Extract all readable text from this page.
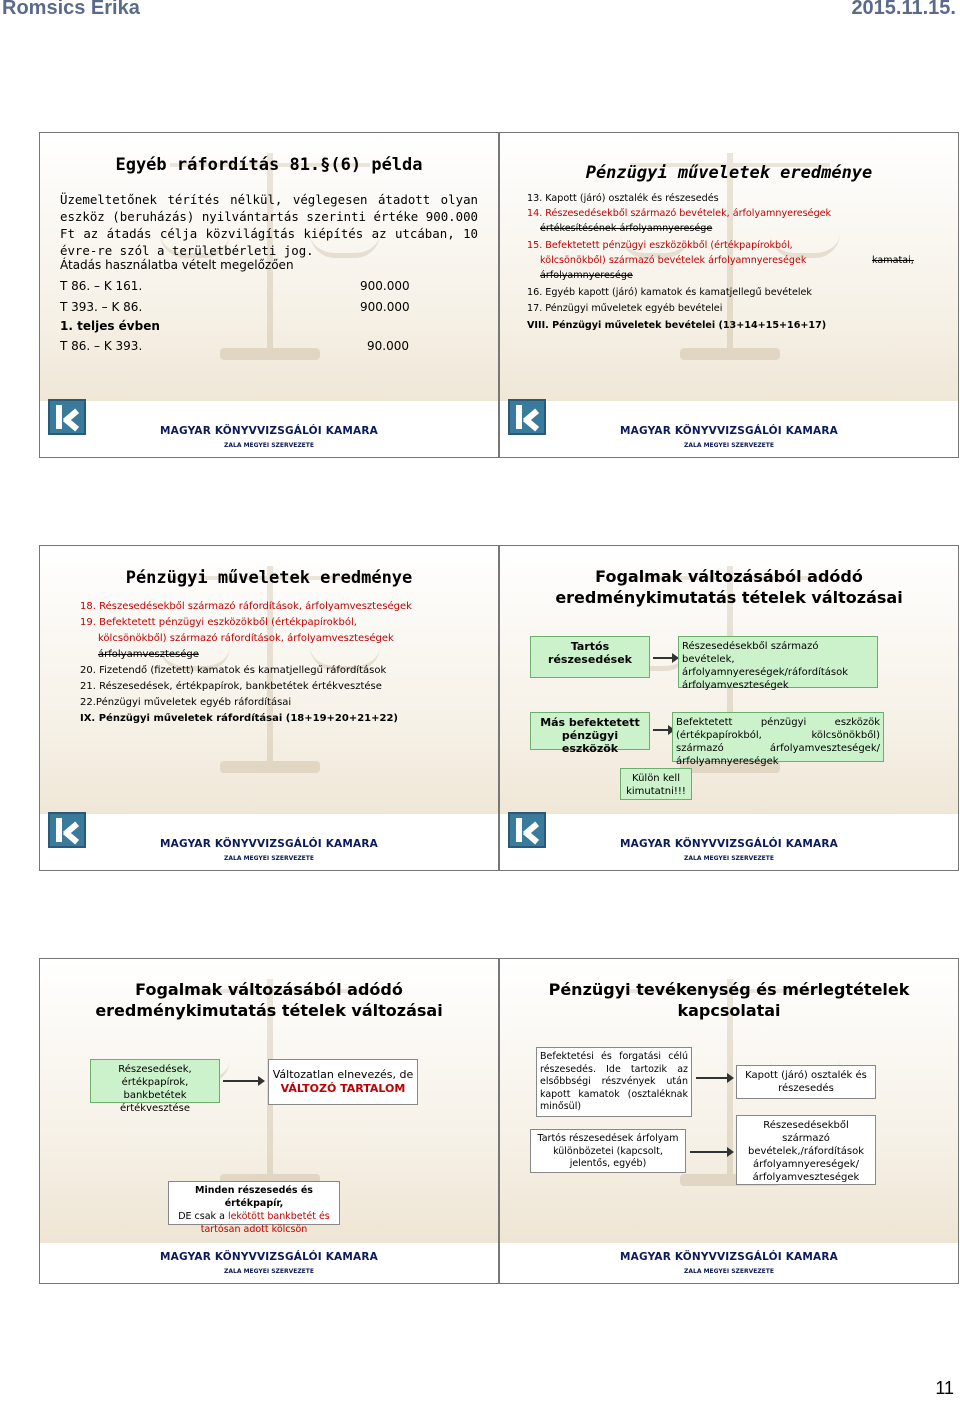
Romsics Erika	2015.11.15.
Egyéb ráfordítás 81.§(6) példa
Üzemeltetőnek térítés nélkül, véglegesen átadott olyan eszköz (beruházás) nyilvántartás szerinti értéke 900.000 Ft az átadás célja közvilágítás kiépítés az utcában, 10 évre-re szól a területbérleti jog.
Átadás használatba vételt megelőzően
T 86. – K 161.	900.000
T 393. – K 86.	900.000
1. teljes évben
T 86. – K 393.	90.000
MAGYAR KÖNYVVIZSGÁLÓI KAMARA
ZALA MEGYEI SZERVEZETE
Pénzügyi műveletek eredménye
13. Kapott (járó) osztalék és részesedés
14. Részesedésekből származó bevételek, árfolyamnyereségek
értékesítésének árfolyamnyeresége
15. Befektetett pénzügyi eszközökből (értékpapírokból,
kölcsönökből) származó bevételek árfolyamnyereségek	kamatai,
árfolyamnyeresége
16. Egyéb kapott (járó) kamatok és kamatjellegű bevételek
17. Pénzügyi műveletek egyéb bevételei
VIII. Pénzügyi műveletek bevételei (13+14+15+16+17)
MAGYAR KÖNYVVIZSGÁLÓI KAMARA
ZALA MEGYEI SZERVEZETE
Pénzügyi műveletek eredménye
18. Részesedésekből származó ráfordítások, árfolyamveszteségek
19. Befektetett pénzügyi eszközökből (értékpapírokból,
kölcsönökből) származó ráfordítások, árfolyamveszteségek
árfolyamvesztesége
20. Fizetendő (fizetett) kamatok és kamatjellegű ráfordítások
21. Részesedések, értékpapírok, bankbetétek értékvesztése
22.Pénzügyi műveletek egyéb ráfordításai
IX. Pénzügyi műveletek ráfordításai (18+19+20+21+22)
MAGYAR KÖNYVVIZSGÁLÓI KAMARA
ZALA MEGYEI SZERVEZETE
Fogalmak változásából adódó eredménykimutatás tételek változásai
Tartós részesedések
Részesedésekből származó bevételek, árfolyamnyereségek/ráfordítások árfolyamveszteségek
Más befektetett pénzügyi eszközök
Befektetett pénzügyi eszközök (értékpapírokból, kölcsönökből) származó árfolyamveszteségek/ árfolyamnyereségek
Külön kell kimutatni!!!
MAGYAR KÖNYVVIZSGÁLÓI KAMARA
ZALA MEGYEI SZERVEZETE
Fogalmak változásából adódó eredménykimutatás tételek változásai
Részesedések, értékpapírok, bankbetétek értékvesztése
Változatlan elnevezés, de
VÁLTOZÓ TARTALOM
Minden részesedés és értékpapír,
DE csak a lekötött bankbetét és tartósan adott kölcsön
MAGYAR KÖNYVVIZSGÁLÓI KAMARA
ZALA MEGYEI SZERVEZETE
Pénzügyi tevékenység és mérlegtételek kapcsolatai
Befektetési és forgatási célú részesedés. Ide tartozik az elsőbbségi részvények után kapott kamatok (osztaléknak minősül)
Kapott (járó) osztalék és részesedés
Tartós részesedések árfolyam különbözetei (kapcsolt, jelentős, egyéb)
Részesedésekből származó bevételek,/ráfordítások árfolyamnyereségek/ árfolyamveszteségek
MAGYAR KÖNYVVIZSGÁLÓI KAMARA
ZALA MEGYEI SZERVEZETE
11
